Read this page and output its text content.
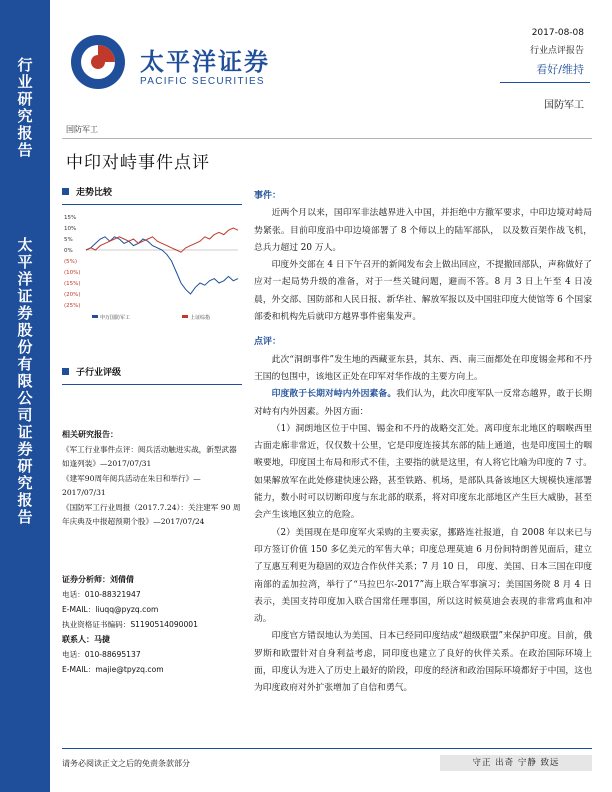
行
业
研
究
报
告
太
平
洋
证
券
股
份
有
限
公
司
证
券
研
究
报
告
太平洋证券
PACIFIC SECURITIES
2017-08-08
行业点评报告
看好/维持
国防军工
国防军工
中印对峙事件点评
走势比较
15%
10%
5%
0%
(5%)
(10%)
(15%)
(20%)
(25%)
申万国防军工	上证综指
子行业评级
相关研究报告：
《军工行业事件点评：阅兵活动触进实战，新型武器如逢列装》—2017/07/31
《建军90周年阅兵活动在朱日和举行》—2017/07/31
《国防军工行业周报（2017.7.24）：关注建军 90 周年庆典及中报超预期个股》—2017/07/24
证券分析师：刘倩倩
电话：010-88321947
E-MAIL：liuqq@pyzq.com
执业资格证书编码：S1190514090001
联系人：马捷
电话：010-88695137
E-MAIL：majie@tpyzq.com
事件：

近两个月以来，国印军非法越界进入中国，并拒绝中方撤军要求，中印边境对峙局势紧张。目前印度沿中印边境部署了 8 个师以上的陆军部队， 以及数百架作战飞机，总兵力超过 20 万人。

印度外交部在 4 日下午召开的新闻发布会上做出回应，不提撤回部队，声称做好了应对一起局势升级的准备，对于一些关键问题，避而不答。8 月 3 日上午至 4 日凌晨，外交部、国防部和人民日报、新华社、解放军报以及中国驻印度大使馆等 6 个国家部委和机构先后就印方越界事件密集发声。

点评：

此次“洞朗事件”发生地的西藏亚东县，其东、西、南三面都处在印度锡金邦和不丹王国的包围中，该地区正处在印军对华作战的主要方向上。

印度散于长期对峙内外因素备。我们认为，此次印度军队一反常态越界，敢于长期对峙有内外因素。外因方面：

（1）洞朗地区位于中国、锡金和不丹的战略交汇处。离印度东北地区的咽喉西里古面走廊非常近，仅仅数十公里，它是印度连接其东部的陆上通道，也是印度国土的咽喉要地，印度国土布局和形式不佳，主要指的就是这里，有人将它比喻为印度的 7 寸。如果解放军在此处修建快速公路，甚至铁路、机场，是部队具备该地区大规模快速部署能力，数小时可以切断印度与东北部的联系，将对印度东北部地区产生巨大威胁，甚至会产生该地区独立的危险。

（2）美国现在是印度军火采购的主要卖家，挪路连社报道，自 2008 年以来已与印方签订价值 150 多亿美元的军售大单；印度总理莫迪 6 月份间特朗普见面后，建立了互惠互利更为稳固的双边合作伙伴关系；7 月 10 日， 印度、美国、日本三国在印度南部的孟加拉湾，举行了“马拉巴尔-2017”海上联合军事演习；美国国务院 8 月 4 日表示，美国支持印度加入联合国常任理事国，所以这时候莫迪会表现的非常鸡血和冲动。

印度官方错误地认为美国、日本已经同印度结成“超级联盟”来保护印度。目前，俄罗斯和欧盟针对自身利益考虑，同印度也建立了良好的伙伴关系。在政治国际环境上面，印度认为进入了历史上最好的阶段，印度的经济和政治国际环境都好于中国，这也为印度政府对外扩张增加了自信和勇气。

请务必阅读正文之后的免责条款部分	守正 出奇 宁静 致远
